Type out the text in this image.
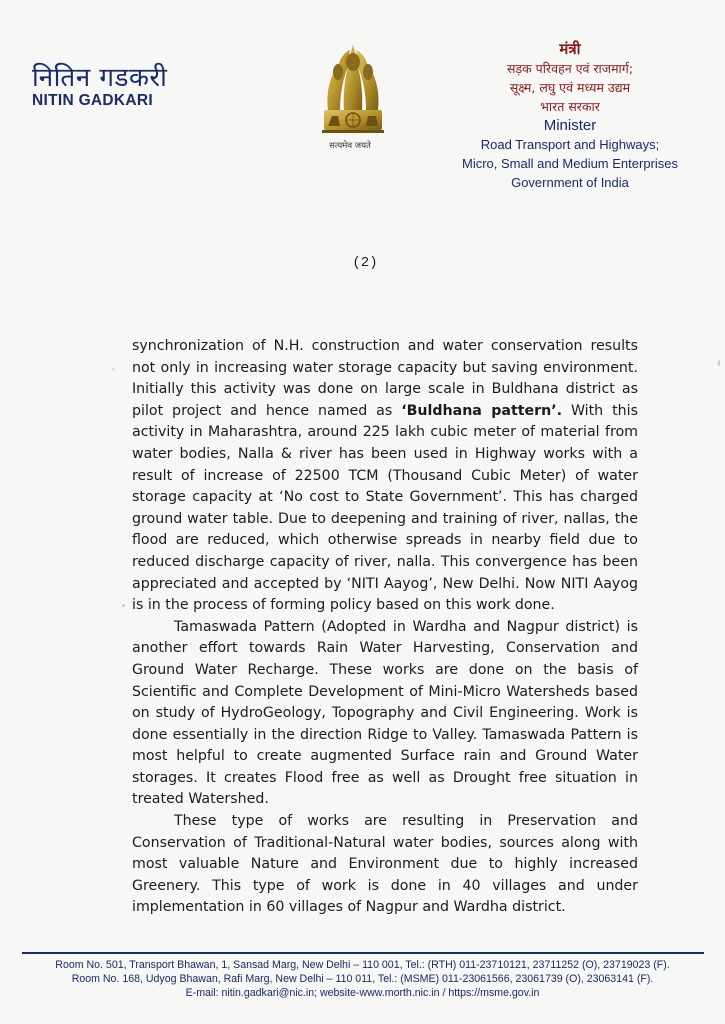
नितिन गडकरी
NITIN GADKARI
सत्यमेव जयते
मंत्री
सड़क परिवहन एवं राजमार्ग;
सूक्ष्म, लघु एवं मध्यम उद्यम
भारत सरकार
Minister
Road Transport and Highways;
Micro, Small and Medium Enterprises
Government of India
(2)

synchronization of N.H. construction and water conservation results not only in increasing water storage capacity but saving environment. Initially this activity was done on large scale in Buldhana district as pilot project and hence named as ‘Buldhana pattern’. With this activity in Maharashtra, around 225 lakh cubic meter of material from water bodies, Nalla & river has been used in Highway works with a result of increase of 22500 TCM (Thousand Cubic Meter) of water storage capacity at ‘No cost to State Government’. This has charged ground water table. Due to deepening and training of river, nallas, the flood are reduced, which otherwise spreads in nearby field due to reduced discharge capacity of river, nalla. This convergence has been appreciated and accepted by ‘NITI Aayog’, New Delhi. Now NITI Aayog is in the process of forming policy based on this work done.

Tamaswada Pattern (Adopted in Wardha and Nagpur district) is another effort towards Rain Water Harvesting, Conservation and Ground Water Recharge. These works are done on the basis of Scientific and Complete Development of Mini-Micro Watersheds based on study of HydroGeology, Topography and Civil Engineering. Work is done essentially in the direction Ridge to Valley. Tamaswada Pattern is most helpful to create augmented Surface rain and Ground Water storages. It creates Flood free as well as Drought free situation in treated Watershed.

These type of works are resulting in Preservation and Conservation of Traditional-Natural water bodies, sources along with most valuable Nature and Environment due to highly increased Greenery. This type of work is done in 40 villages and under implementation in 60 villages of Nagpur and Wardha district.

Room No. 501, Transport Bhawan, 1, Sansad Marg, New Delhi – 110 001, Tel.: (RTH) 011-23710121, 23711252 (O), 23719023 (F).
Room No. 168, Udyog Bhawan, Rafi Marg, New Delhi – 110 011, Tel.: (MSME) 011-23061566, 23061739 (O), 23063141 (F).
E-mail: nitin.gadkari@nic.in; website-www.morth.nic.in / https://msme.gov.in
